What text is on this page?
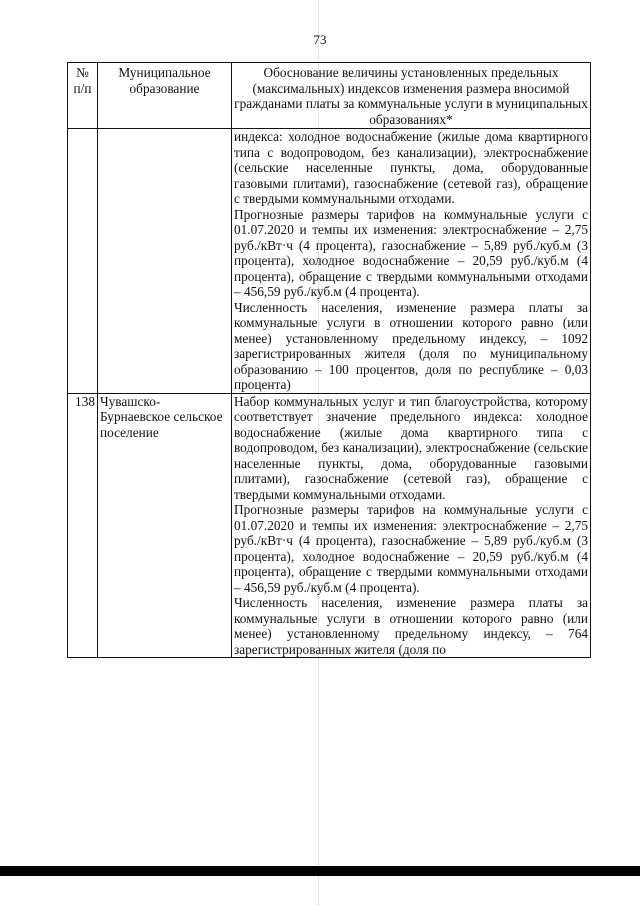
73
№ п/п	Муниципальное образование	Обоснование величины установленных предельных (максимальных) индексов изменения размера вносимой гражданами платы за коммунальные услуги в муниципальных образованиях*

		индекса: холодное водоснабжение (жилые дома квартирного типа с водопроводом, без канализации), электроснабжение (сельские населенные пункты, дома, оборудованные газовыми плитами), газоснабжение (сетевой газ), обращение с твердыми коммунальными отходами.

Прогнозные размеры тарифов на коммунальные услуги с 01.07.2020 и темпы их изменения: электроснабжение – 2,75 руб./кВт·ч (4 процента), газоснабжение – 5,89 руб./куб.м (3 процента), холодное водоснабжение – 20,59 руб./куб.м (4 процента), обращение с твердыми коммунальными отходами – 456,59 руб./куб.м (4 процента).

Численность населения, изменение размера платы за коммунальные услуги в отношении которого равно (или менее) установленному предельному индексу, – 1092 зарегистрированных жителя (доля по муниципальному образованию – 100 процентов, доля по республике – 0,03 процента)

138	Чувашско-Бурнаевское сельское поселение	Набор коммунальных услуг и тип благоустройства, которому соответствует значение предельного индекса: холодное водоснабжение (жилые дома квартирного типа с водопроводом, без канализации), электроснабжение (сельские населенные пункты, дома, оборудованные газовыми плитами), газоснабжение (сетевой газ), обращение с твердыми коммунальными отходами.

Прогнозные размеры тарифов на коммунальные услуги с 01.07.2020 и темпы их изменения: электроснабжение – 2,75 руб./кВт·ч (4 процента), газоснабжение – 5,89 руб./куб.м (3 процента), холодное водоснабжение – 20,59 руб./куб.м (4 процента), обращение с твердыми коммунальными отходами – 456,59 руб./куб.м (4 процента).

Численность населения, изменение размера платы за коммунальные услуги в отношении которого равно (или менее) установленному предельному индексу, – 764 зарегистрированных жителя (доля по
